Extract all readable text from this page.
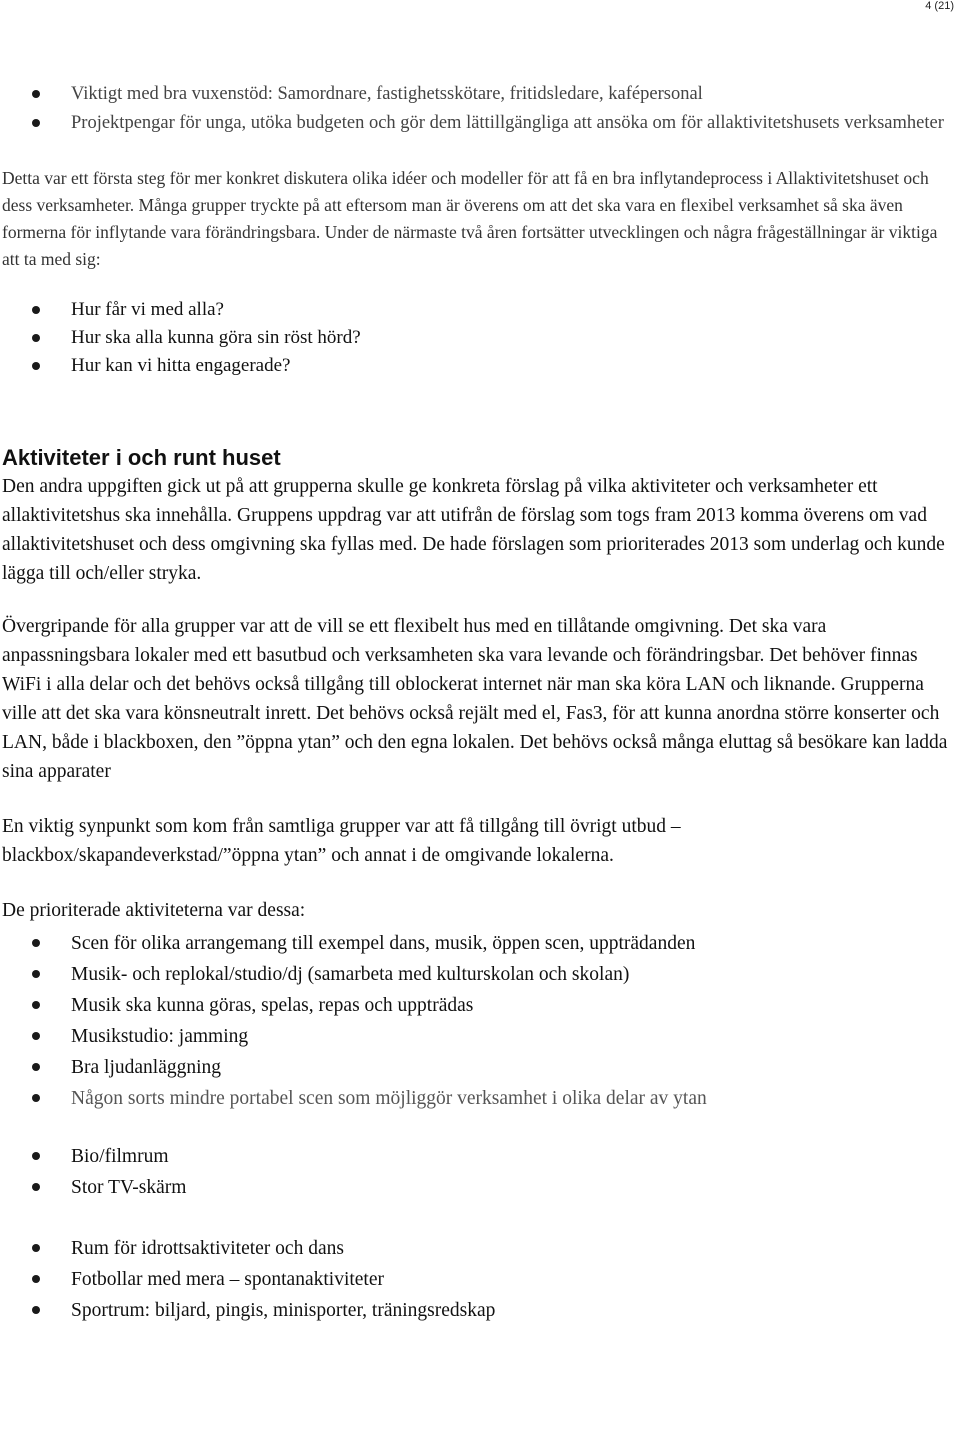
4 (21)
Viktigt med bra vuxenstöd: Samordnare, fastighetsskötare, fritidsledare, kafépersonal
Projektpengar för unga, utöka budgeten och gör dem lättillgängliga att ansöka om för allaktivitetshusets verksamheter

Detta var ett första steg för mer konkret diskutera olika idéer och modeller för att få en bra inflytandeprocess i Allaktivitetshuset och dess verksamheter. Många grupper tryckte på att eftersom man är överens om att det ska vara en flexibel verksamhet så ska även formerna för inflytande vara förändringsbara. Under de närmaste två åren fortsätter utvecklingen och några frågeställningar är viktiga att ta med sig:

Hur får vi med alla?
Hur ska alla kunna göra sin röst hörd?
Hur kan vi hitta engagerade?
Aktiviteter i och runt huset

Den andra uppgiften gick ut på att grupperna skulle ge konkreta förslag på vilka aktiviteter och verksamheter ett allaktivitetshus ska innehålla. Gruppens uppdrag var att utifrån de förslag som togs fram 2013 komma överens om vad allaktivitetshuset och dess omgivning ska fyllas med. De hade förslagen som prioriterades 2013 som underlag och kunde lägga till och/eller stryka.

Övergripande för alla grupper var att de vill se ett flexibelt hus med en tillåtande omgivning. Det ska vara anpassningsbara lokaler med ett basutbud och verksamheten ska vara levande och förändringsbar. Det behöver finnas WiFi i alla delar och det behövs också tillgång till oblockerat internet när man ska köra LAN och liknande. Grupperna ville att det ska vara könsneutralt inrett. Det behövs också rejält med el, Fas3, för att kunna anordna större konserter och LAN, både i blackboxen, den ”öppna ytan” och den egna lokalen. Det behövs också många eluttag så besökare kan ladda sina apparater

En viktig synpunkt som kom från samtliga grupper var att få tillgång till övrigt utbud – blackbox/skapandeverkstad/”öppna ytan” och annat i de omgivande lokalerna.

De prioriterade aktiviteterna var dessa:

Scen för olika arrangemang till exempel dans, musik, öppen scen, uppträdanden
Musik- och replokal/studio/dj (samarbeta med kulturskolan och skolan)
Musik ska kunna göras, spelas, repas och uppträdas
Musikstudio: jamming
Bra ljudanläggning
Någon sorts mindre portabel scen som möjliggör verksamhet i olika delar av ytan
Bio/filmrum
Stor TV-skärm
Rum för idrottsaktiviteter och dans
Fotbollar med mera – spontanaktiviteter
Sportrum: biljard, pingis, minisporter, träningsredskap
